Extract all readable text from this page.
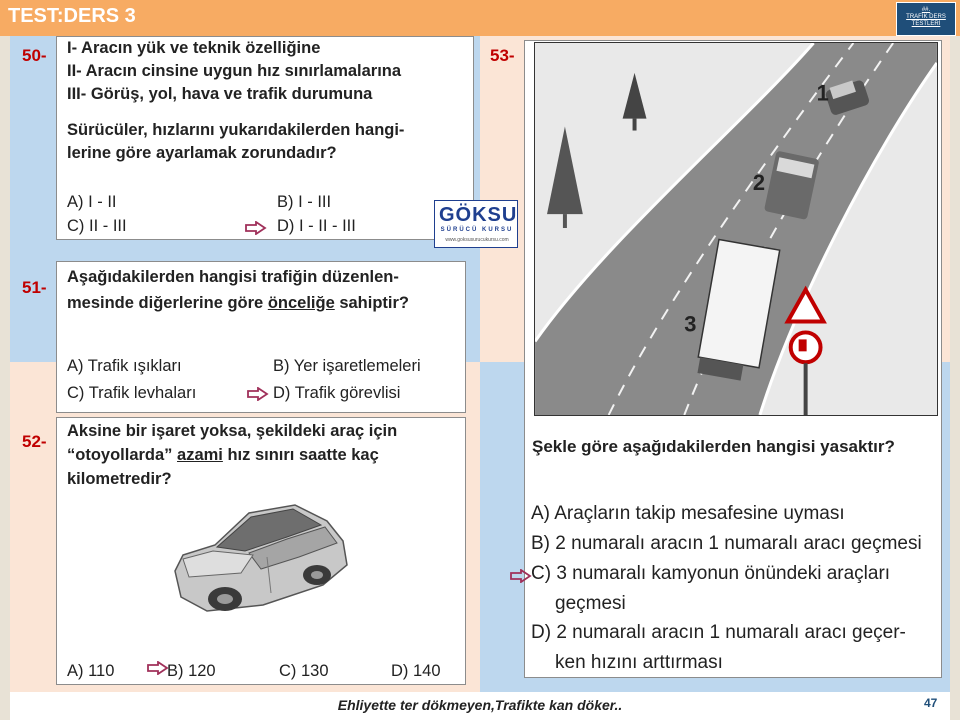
TEST:DERS 3	##.
TRAFİK DERS
TESTLERİ
50- I- Aracın yük ve teknik özelliğine
II- Aracın cinsine uygun hız sınırlamalarına
III- Görüş, yol, hava ve trafik durumuna
Sürücüler, hızlarını yukarıdakilerden hangi-
lerine göre ayarlamak zorundadır?
A) I - II	B) I - III
C) II - III	D) I - II - III	GÖKSU
SÜRÜCÜ KURSU
www.goksusurucukursu.com
51-
Aşağıdakilerden hangisi trafiğin düzenlen-
mesinde diğerlerine göre önceliğe sahiptir?
A) Trafik ışıkları	B) Yer işaretlemeleri
C) Trafik levhaları	D) Trafik görevlisi
52-
Aksine bir işaret yoksa, şekildeki araç için
“otoyollarda” azami hız sınırı saatte kaç
kilometredir?
A) 110	B) 120	C) 130	D) 140
53-
1
2
3
Şekle göre aşağıdakilerden hangisi yasaktır?
A) Araçların takip mesafesine uyması
B) 2 numaralı aracın 1 numaralı aracı geçmesi
C) 3 numaralı kamyonun önündeki araçları
geçmesi
D) 2 numaralı aracın 1 numaralı aracı geçer-
ken hızını arttırması
Ehliyette ter dökmeyen,Trafikte kan döker..	47
